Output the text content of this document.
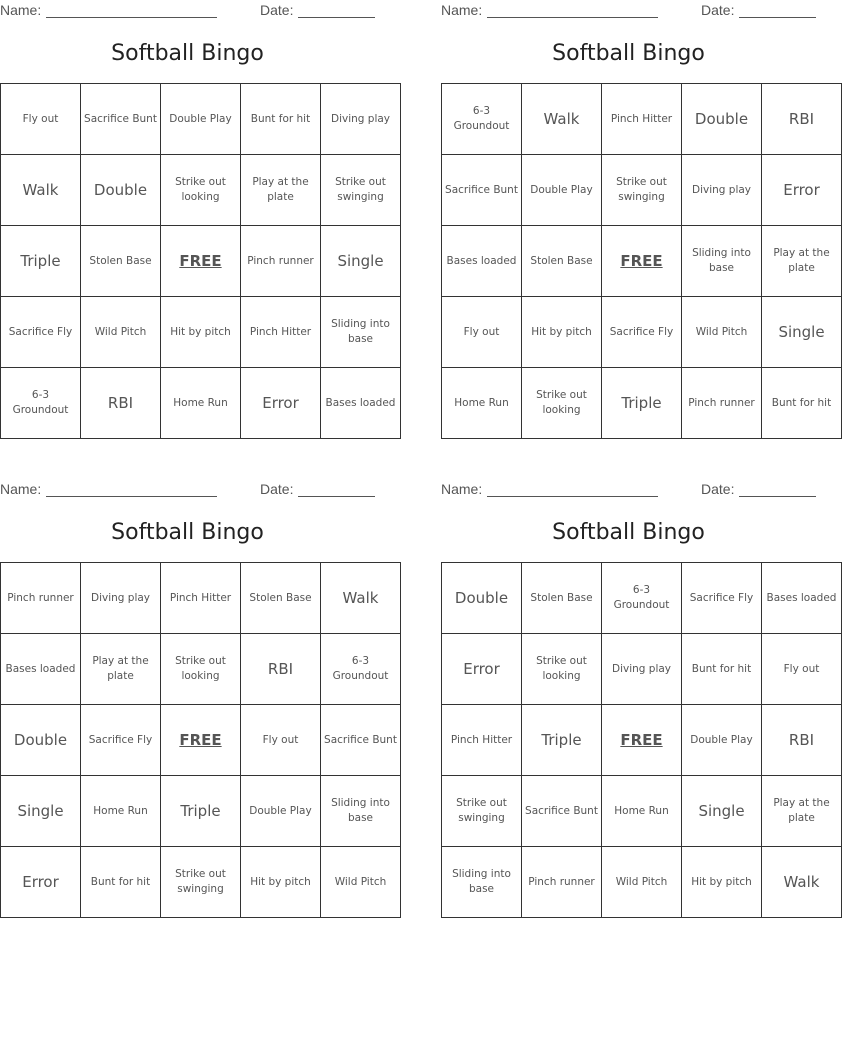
Name:	Date:
Softball Bingo
Fly out	Sacrifice Bunt	Double Play	Bunt for hit	Diving play
Walk	Double	Strike out looking	Play at the plate	Strike out swinging
Triple	Stolen Base	FREE	Pinch runner	Single
Sacrifice Fly	Wild Pitch	Hit by pitch	Pinch Hitter	Sliding into base
6-3 Groundout	RBI	Home Run	Error	Bases loaded
Name:	Date:
Softball Bingo
6-3 Groundout	Walk	Pinch Hitter	Double	RBI
Sacrifice Bunt	Double Play	Strike out swinging	Diving play	Error
Bases loaded	Stolen Base	FREE	Sliding into base	Play at the plate
Fly out	Hit by pitch	Sacrifice Fly	Wild Pitch	Single
Home Run	Strike out looking	Triple	Pinch runner	Bunt for hit
Name:	Date:
Softball Bingo
Pinch runner	Diving play	Pinch Hitter	Stolen Base	Walk
Bases loaded	Play at the plate	Strike out looking	RBI	6-3 Groundout
Double	Sacrifice Fly	FREE	Fly out	Sacrifice Bunt
Single	Home Run	Triple	Double Play	Sliding into base
Error	Bunt for hit	Strike out swinging	Hit by pitch	Wild Pitch
Name:	Date:
Softball Bingo
Double	Stolen Base	6-3 Groundout	Sacrifice Fly	Bases loaded
Error	Strike out looking	Diving play	Bunt for hit	Fly out
Pinch Hitter	Triple	FREE	Double Play	RBI
Strike out swinging	Sacrifice Bunt	Home Run	Single	Play at the plate
Sliding into base	Pinch runner	Wild Pitch	Hit by pitch	Walk
